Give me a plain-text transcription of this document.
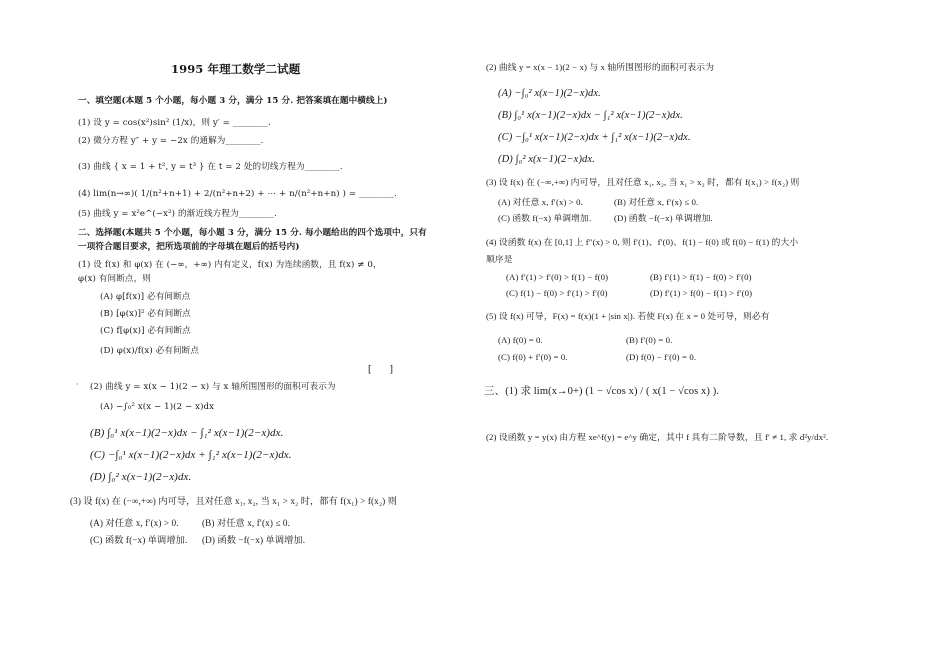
1995 年理工数学二试题
一、填空题(本题 5 个小题，每小题 3 分，满分 15 分. 把答案填在题中横线上)
(1) 设 y = cos(x²)sin² (1/x)，则 y′ = ________.
(2) 微分方程 y″ + y = −2x 的通解为________.
(3) 曲线 { x = 1 + t², y = t³ } 在 t = 2 处的切线方程为________.
(4) lim(n→∞)( 1/(n²+n+1) + 2/(n²+n+2) + ⋯ + n/(n²+n+n) ) = ________.
(5) 曲线 y = x²e^(−x²) 的渐近线方程为________.
二、选择题(本题共 5 个小题，每小题 3 分，满分 15 分. 每小题给出的四个选项中，只有
一项符合题目要求，把所选项前的字母填在题后的括号内)
(1) 设 f(x) 和 φ(x) 在 (−∞，+∞) 内有定义，f(x) 为连续函数，且 f(x) ≠ 0，
φ(x) 有间断点，则
(A) φ[f(x)] 必有间断点
(B) [φ(x)]² 必有间断点
(C) f[φ(x)] 必有间断点
(D) φ(x)/f(x) 必有间断点
[　　]
· (2) 曲线 y = x(x − 1)(2 − x) 与 x 轴所围图形的面积可表示为
(A) −∫₀² x(x − 1)(2 − x)dx
(B) ∫₀¹ x(x−1)(2−x)dx − ∫₁² x(x−1)(2−x)dx.
(C) −∫₀¹ x(x−1)(2−x)dx + ∫₁² x(x−1)(2−x)dx.
(D) ∫₀² x(x−1)(2−x)dx.
(3) 设 f(x) 在 (−∞,+∞) 内可导，且对任意 x₁, x₂, 当 x₁ > x₂ 时，都有 f(x₁) > f(x₂) 则
(A) 对任意 x, f′(x) > 0.	(B) 对任意 x, f′(x) ≤ 0.
(C) 函数 f(−x) 单调增加. (D) 函数 −f(−x) 单调增加.
(2) 曲线 y = x(x − 1)(2 − x) 与 x 轴所围图形的面积可表示为
(A) −∫₀² x(x−1)(2−x)dx.
(B) ∫₀¹ x(x−1)(2−x)dx − ∫₁² x(x−1)(2−x)dx.
(C) −∫₀¹ x(x−1)(2−x)dx + ∫₁² x(x−1)(2−x)dx.
(D) ∫₀² x(x−1)(2−x)dx.
(3) 设 f(x) 在 (−∞,+∞) 内可导，且对任意 x₁, x₂, 当 x₁ > x₂ 时，都有 f(x₁) > f(x₂) 则
(A) 对任意 x, f′(x) > 0.	(B) 对任意 x, f′(x) ≤ 0.
(C) 函数 f(−x) 单调增加.	(D) 函数 −f(−x) 单调增加.
(4) 设函数 f(x) 在 [0,1] 上 f″(x) > 0, 则 f′(1)、f′(0)、f(1) − f(0) 或 f(0) − f(1) 的大小
顺序是
(A) f′(1) > f′(0) > f(1) − f(0)	(B) f′(1) > f(1) − f(0) > f′(0)
(C) f(1) − f(0) > f′(1) > f′(0)	(D) f′(1) > f(0) − f(1) > f′(0)
(5) 设 f(x) 可导，F(x) = f(x)(1 + |sin x|). 若使 F(x) 在 x = 0 处可导，则必有
(A) f(0) = 0.	(B) f′(0) = 0.
(C) f(0) + f′(0) = 0.	(D) f(0) − f′(0) = 0.
三、(1) 求 lim(x→0+) (1 − √cos x) / ( x(1 − √cos x) ).
(2) 设函数 y = y(x) 由方程 xe^f(y) = e^y 确定，其中 f 具有二阶导数，且 f′ ≠ 1, 求 d²y/dx².
